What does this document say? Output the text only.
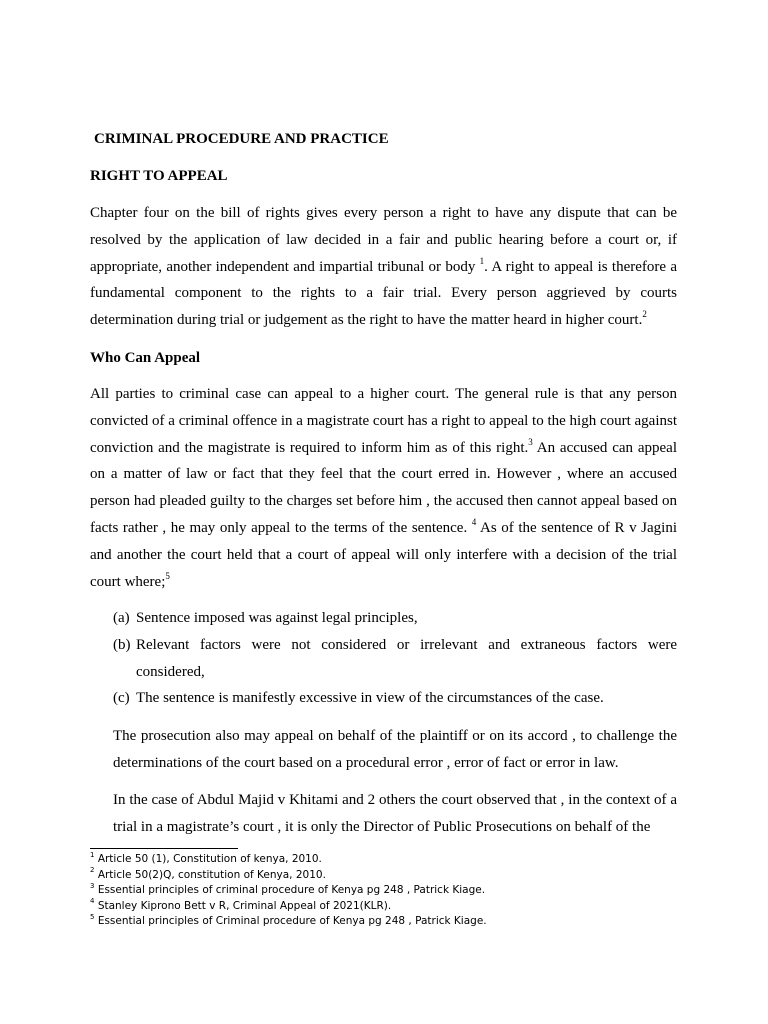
CRIMINAL PROCEDURE AND PRACTICE
RIGHT TO APPEAL

Chapter four on the bill of rights gives every person a right to have any dispute that can be resolved by the application of law decided in a fair and public hearing before a court or, if appropriate, another independent and impartial tribunal or body $^1$. A right to appeal is therefore a fundamental component to the rights to a fair trial. Every person aggrieved by courts determination during trial or judgement as the right to have the matter heard in higher court.$^2$

Who Can Appeal

All parties to criminal case can appeal to a higher court. The general rule is that any person convicted of a criminal offence in a magistrate court has a right to appeal to the high court against conviction and the magistrate is required to inform him as of this right.$^3$ An accused can appeal on a matter of law or fact that they feel that the court erred in. However , where an accused person had pleaded guilty to the charges set before him , the accused then cannot appeal based on facts rather , he may only appeal to the terms of the sentence. $^4$ As of the sentence of R v Jagini and another the court held that a court of appeal will only interfere with a decision of the trial court where;$^5$

(a) Sentence imposed was against legal principles,
(b) Relevant factors were not considered or irrelevant and extraneous factors were considered,
(c) The sentence is manifestly excessive in view of the circumstances of the case.

The prosecution also may appeal on behalf of the plaintiff or on its accord , to challenge the determinations of the court based on a procedural error , error of fact or error in law.

In the case of Abdul Majid v Khitami and 2 others the court observed that , in the context of a trial in a magistrate’s court , it is only the Director of Public Prosecutions on behalf of the

$^1$ Article 50 (1), Constitution of kenya, 2010.
$^2$ Article 50(2)Q, constitution of Kenya, 2010.
$^3$ Essential principles of criminal procedure of Kenya pg 248 , Patrick Kiage.
$^4$ Stanley Kiprono Bett v R, Criminal Appeal of 2021(KLR).
$^5$ Essential principles of Criminal procedure of Kenya pg 248 , Patrick Kiage.
